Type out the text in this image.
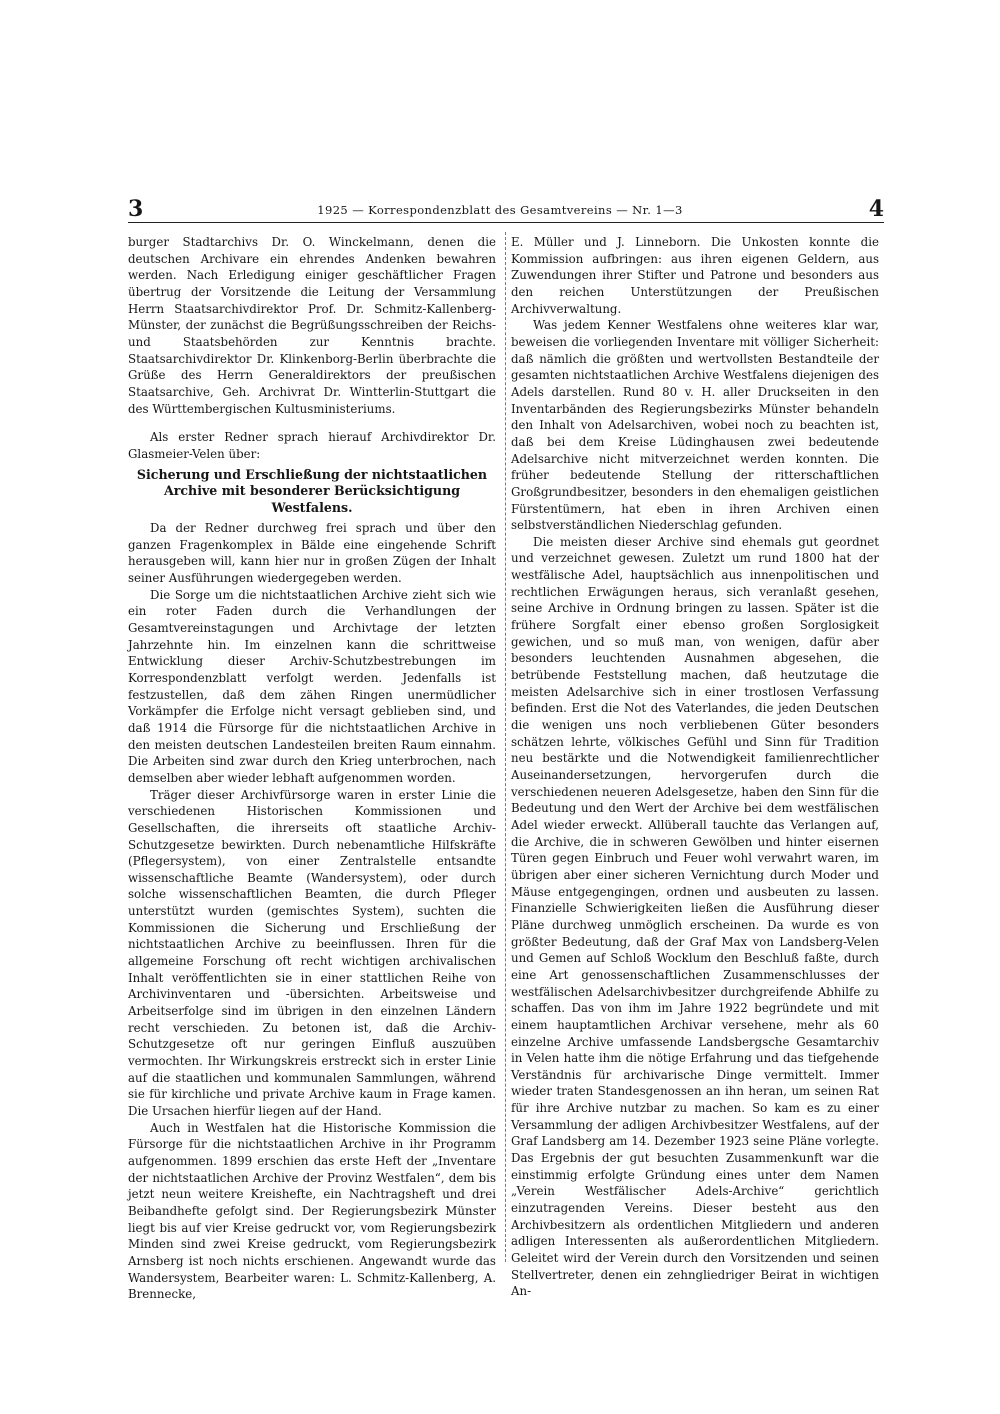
3	1925 — Korrespondenzblatt des Gesamtvereins — Nr. 1—3	4

burger Stadtarchivs Dr. O. Winckelmann, denen die deutschen Archivare ein ehrendes Andenken bewahren werden. Nach Erledigung einiger geschäftlicher Fragen übertrug der Vorsitzende die Leitung der Versammlung Herrn Staatsarchivdirektor Prof. Dr. Schmitz-Kallenberg-Münster, der zunächst die Begrüßungsschreiben der Reichs- und Staatsbehörden zur Kenntnis brachte. Staatsarchivdirektor Dr. Klinkenborg-Berlin überbrachte die Grüße des Herrn Generaldirektors der preußischen Staatsarchive, Geh. Archivrat Dr. Wintterlin-Stuttgart die des Württembergischen Kultusministeriums.

Als erster Redner sprach hierauf Archivdirektor Dr. Glasmeier-Velen über:

Sicherung und Erschließung der nichtstaatlichen Archive mit besonderer Berücksichtigung Westfalens.

Da der Redner durchweg frei sprach und über den ganzen Fragenkomplex in Bälde eine eingehende Schrift herausgeben will, kann hier nur in großen Zügen der Inhalt seiner Ausführungen wiedergegeben werden.

Die Sorge um die nichtstaatlichen Archive zieht sich wie ein roter Faden durch die Verhandlungen der Gesamtvereinstagungen und Archivtage der letzten Jahrzehnte hin. Im einzelnen kann die schrittweise Entwicklung dieser Archiv-Schutzbestrebungen im Korrespondenzblatt verfolgt werden. Jedenfalls ist festzustellen, daß dem zähen Ringen unermüdlicher Vorkämpfer die Erfolge nicht versagt geblieben sind, und daß 1914 die Fürsorge für die nichtstaatlichen Archive in den meisten deutschen Landesteilen breiten Raum einnahm. Die Arbeiten sind zwar durch den Krieg unterbrochen, nach demselben aber wieder lebhaft aufgenommen worden.

Träger dieser Archivfürsorge waren in erster Linie die verschiedenen Historischen Kommissionen und Gesellschaften, die ihrerseits oft staatliche Archiv-Schutzgesetze bewirkten. Durch nebenamtliche Hilfskräfte (Pflegersystem), von einer Zentralstelle entsandte wissenschaftliche Beamte (Wandersystem), oder durch solche wissenschaftlichen Beamten, die durch Pfleger unterstützt wurden (gemischtes System), suchten die Kommissionen die Sicherung und Erschließung der nichtstaatlichen Archive zu beeinflussen. Ihren für die allgemeine Forschung oft recht wichtigen archivalischen Inhalt veröffentlichten sie in einer stattlichen Reihe von Archivinventaren und -übersichten. Arbeitsweise und Arbeitserfolge sind im übrigen in den einzelnen Ländern recht verschieden. Zu betonen ist, daß die Archiv-Schutzgesetze oft nur geringen Einfluß auszuüben vermochten. Ihr Wirkungskreis erstreckt sich in erster Linie auf die staatlichen und kommunalen Sammlungen, während sie für kirchliche und private Archive kaum in Frage kamen. Die Ursachen hierfür liegen auf der Hand.

Auch in Westfalen hat die Historische Kommission die Fürsorge für die nichtstaatlichen Archive in ihr Programm aufgenommen. 1899 erschien das erste Heft der „Inventare der nichtstaatlichen Archive der Provinz Westfalen“, dem bis jetzt neun weitere Kreishefte, ein Nachtragsheft und drei Beibandhefte gefolgt sind. Der Regierungsbezirk Münster liegt bis auf vier Kreise gedruckt vor, vom Regierungsbezirk Minden sind zwei Kreise gedruckt, vom Regierungsbezirk Arnsberg ist noch nichts erschienen. Angewandt wurde das Wandersystem, Bearbeiter waren: L. Schmitz-Kallenberg, A. Brennecke,

E. Müller und J. Linneborn. Die Unkosten konnte die Kommission aufbringen: aus ihren eigenen Geldern, aus Zuwendungen ihrer Stifter und Patrone und besonders aus den reichen Unterstützungen der Preußischen Archivverwaltung.

Was jedem Kenner Westfalens ohne weiteres klar war, beweisen die vorliegenden Inventare mit völliger Sicherheit: daß nämlich die größten und wertvollsten Bestandteile der gesamten nichtstaatlichen Archive Westfalens diejenigen des Adels darstellen. Rund 80 v. H. aller Druckseiten in den Inventarbänden des Regierungsbezirks Münster behandeln den Inhalt von Adelsarchiven, wobei noch zu beachten ist, daß bei dem Kreise Lüdinghausen zwei bedeutende Adelsarchive nicht mitverzeichnet werden konnten. Die früher bedeutende Stellung der ritterschaftlichen Großgrundbesitzer, besonders in den ehemaligen geistlichen Fürstentümern, hat eben in ihren Archiven einen selbstverständlichen Niederschlag gefunden.

Die meisten dieser Archive sind ehemals gut geordnet und verzeichnet gewesen. Zuletzt um rund 1800 hat der westfälische Adel, hauptsächlich aus innenpolitischen und rechtlichen Erwägungen heraus, sich veranlaßt gesehen, seine Archive in Ordnung bringen zu lassen. Später ist die frühere Sorgfalt einer ebenso großen Sorglosigkeit gewichen, und so muß man, von wenigen, dafür aber besonders leuchtenden Ausnahmen abgesehen, die betrübende Feststellung machen, daß heutzutage die meisten Adelsarchive sich in einer trostlosen Verfassung befinden. Erst die Not des Vaterlandes, die jeden Deutschen die wenigen uns noch verbliebenen Güter besonders schätzen lehrte, völkisches Gefühl und Sinn für Tradition neu bestärkte und die Notwendigkeit familienrechtlicher Auseinandersetzungen, hervorgerufen durch die verschiedenen neueren Adelsgesetze, haben den Sinn für die Bedeutung und den Wert der Archive bei dem westfälischen Adel wieder erweckt. Allüberall tauchte das Verlangen auf, die Archive, die in schweren Gewölben und hinter eisernen Türen gegen Einbruch und Feuer wohl verwahrt waren, im übrigen aber einer sicheren Vernichtung durch Moder und Mäuse entgegengingen, ordnen und ausbeuten zu lassen. Finanzielle Schwierigkeiten ließen die Ausführung dieser Pläne durchweg unmöglich erscheinen. Da wurde es von größter Bedeutung, daß der Graf Max von Landsberg-Velen und Gemen auf Schloß Wocklum den Beschluß faßte, durch eine Art genossenschaftlichen Zusammenschlusses der westfälischen Adelsarchivbesitzer durchgreifende Abhilfe zu schaffen. Das von ihm im Jahre 1922 begründete und mit einem hauptamtlichen Archivar versehene, mehr als 60 einzelne Archive umfassende Landsbergsche Gesamtarchiv in Velen hatte ihm die nötige Erfahrung und das tiefgehende Verständnis für archivarische Dinge vermittelt. Immer wieder traten Standesgenossen an ihn heran, um seinen Rat für ihre Archive nutzbar zu machen. So kam es zu einer Versammlung der adligen Archivbesitzer Westfalens, auf der Graf Landsberg am 14. Dezember 1923 seine Pläne vorlegte. Das Ergebnis der gut besuchten Zusammenkunft war die einstimmig erfolgte Gründung eines unter dem Namen „Verein Westfälischer Adels-Archive“ gerichtlich einzutragenden Vereins. Dieser besteht aus den Archivbesitzern als ordentlichen Mitgliedern und anderen adligen Interessenten als außerordentlichen Mitgliedern. Geleitet wird der Verein durch den Vorsitzenden und seinen Stellvertreter, denen ein zehngliedriger Beirat in wichtigen An-
